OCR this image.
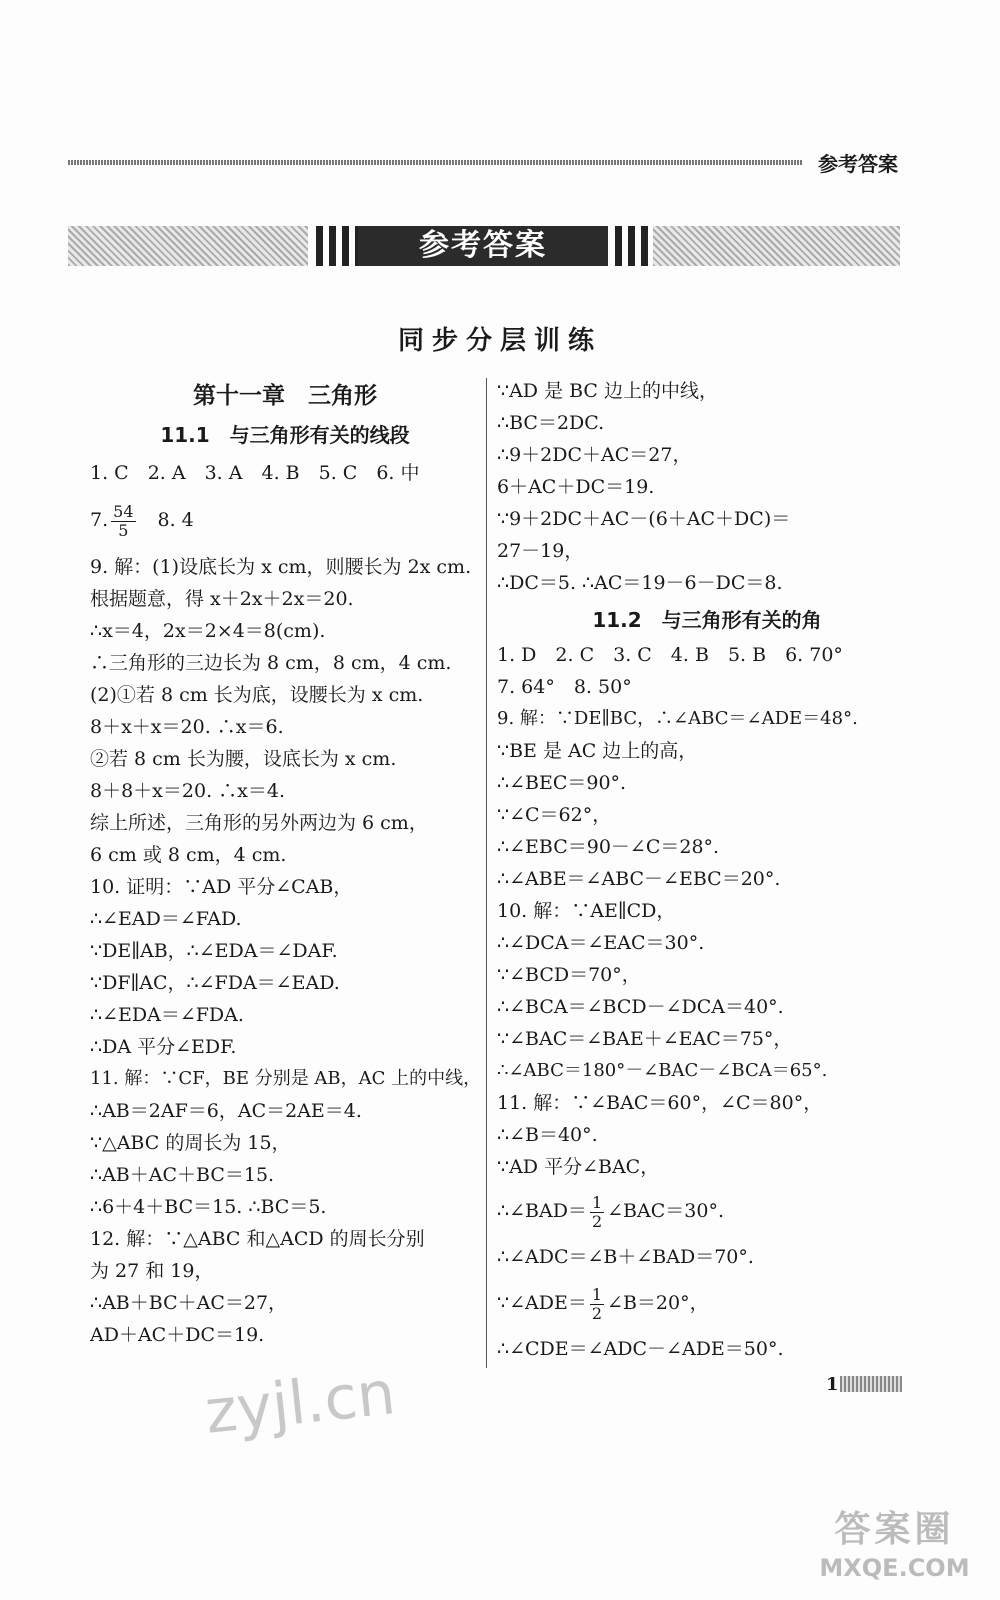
参考答案
参考答案
同步分层训练
第十一章　三角形
11.1　与三角形有关的线段
1. C　2. A　3. A　4. B　5. C　6. 中
7. $\frac{54}{5}$ 　8. 4
9. 解：(1)设底长为 x cm，则腰长为 2x cm.
根据题意，得 x＋2x＋2x＝20.
∴x＝4，2x＝2×4＝8(cm).
∴三角形的三边长为 8 cm，8 cm，4 cm.
(2)①若 8 cm 长为底，设腰长为 x cm.
8＋x＋x＝20. ∴x＝6.
②若 8 cm 长为腰，设底长为 x cm.
8＋8＋x＝20. ∴x＝4.
综上所述，三角形的另外两边为 6 cm，
6 cm 或 8 cm，4 cm.
10. 证明：∵AD 平分∠CAB，
∴∠EAD＝∠FAD.
∵DE∥AB，∴∠EDA＝∠DAF.
∵DF∥AC，∴∠FDA＝∠EAD.
∴∠EDA＝∠FDA.
∴DA 平分∠EDF.
11. 解：∵CF，BE 分别是 AB，AC 上的中线，
∴AB＝2AF＝6，AC＝2AE＝4.
∵△ABC 的周长为 15，
∴AB＋AC＋BC＝15.
∴6＋4＋BC＝15. ∴BC＝5.
12. 解：∵△ABC 和△ACD 的周长分别
为 27 和 19，
∴AB＋BC＋AC＝27，
AD＋AC＋DC＝19.
∵AD 是 BC 边上的中线，
∴BC＝2DC.
∴9＋2DC＋AC＝27，
6＋AC＋DC＝19.
∵9＋2DC＋AC－(6＋AC＋DC)＝
27－19，
∴DC＝5. ∴AC＝19－6－DC＝8.
11.2　与三角形有关的角
1. D　2. C　3. C　4. B　5. B　6. 70°
7. 64°　8. 50°
9. 解：∵DE∥BC，∴∠ABC＝∠ADE＝48°.
∵BE 是 AC 边上的高，
∴∠BEC＝90°.
∵∠C＝62°，
∴∠EBC＝90－∠C＝28°.
∴∠ABE＝∠ABC－∠EBC＝20°.
10. 解：∵AE∥CD，
∴∠DCA＝∠EAC＝30°.
∵∠BCD＝70°，
∴∠BCA＝∠BCD－∠DCA＝40°.
∵∠BAC＝∠BAE＋∠EAC＝75°，
∴∠ABC＝180°－∠BAC－∠BCA＝65°.
11. 解：∵∠BAC＝60°，∠C＝80°，
∴∠B＝40°.
∵AD 平分∠BAC，
∴∠BAD＝ $\frac{1}{2}$ ∠BAC＝30°.
∴∠ADC＝∠B＋∠BAD＝70°.
∵∠ADE＝ $\frac{1}{2}$ ∠B＝20°，
∴∠CDE＝∠ADC－∠ADE＝50°.
zyjl.cn	1
答案圈
MXQE.COM
